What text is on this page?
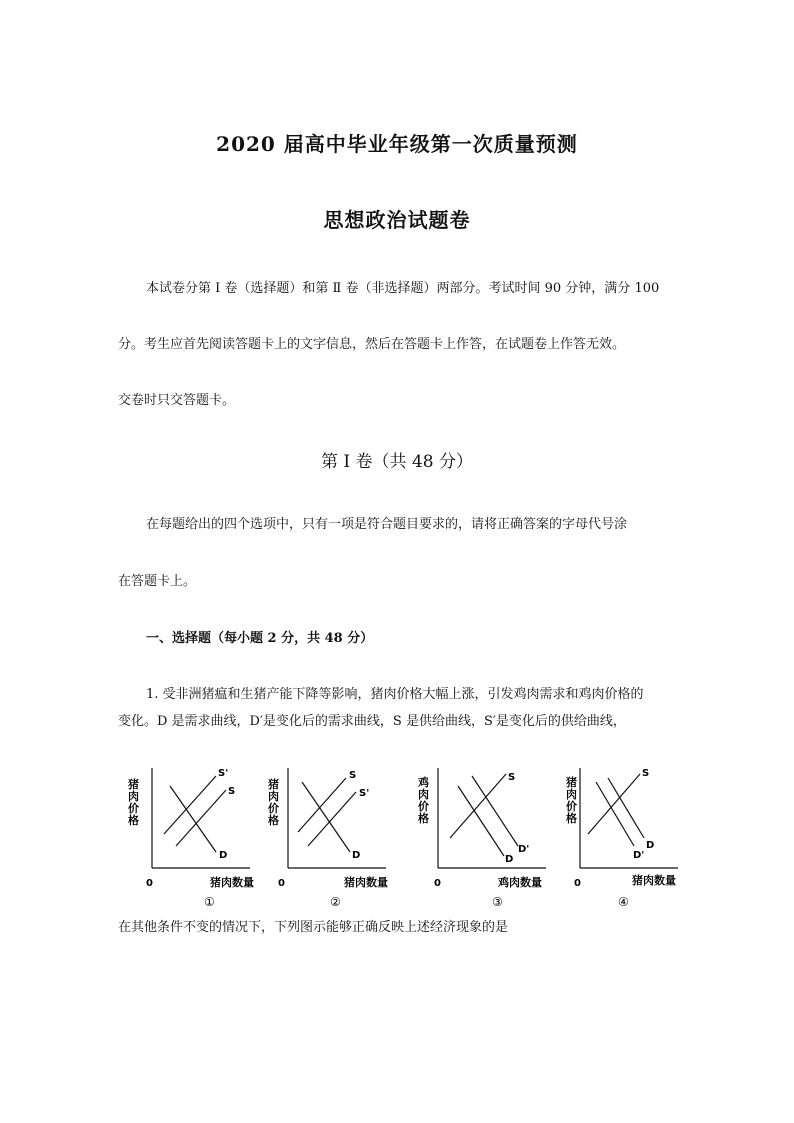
2020 届高中毕业年级第一次质量预测
思想政治试题卷
本试卷分第 Ⅰ 卷（选择题）和第 Ⅱ 卷（非选择题）两部分。考试时间 90 分钟，满分 100
分。考生应首先阅读答题卡上的文字信息，然后在答题卡上作答，在试题卷上作答无效。
交卷时只交答题卡。
第 Ⅰ 卷（共 48 分）
在每题给出的四个选项中，只有一项是符合题目要求的，请将正确答案的字母代号涂
在答题卡上。
一、选择题（每小题 2 分，共 48 分）
1. 受非洲猪瘟和生猪产能下降等影响，猪肉价格大幅上涨，引发鸡肉需求和鸡肉价格的
变化。D 是需求曲线，D′是变化后的需求曲线，S 是供给曲线，S′是变化后的供给曲线，
猪肉价格
0	猪肉数量
S'
S
D
①
猪肉价格
0	猪肉数量
S
S'
D
②
鸡肉价格
0	鸡肉数量
S
D'
D
③
猪肉价格
0	猪肉数量
S
D
D'
④
在其他条件不变的情况下，下列图示能够正确反映上述经济现象的是
